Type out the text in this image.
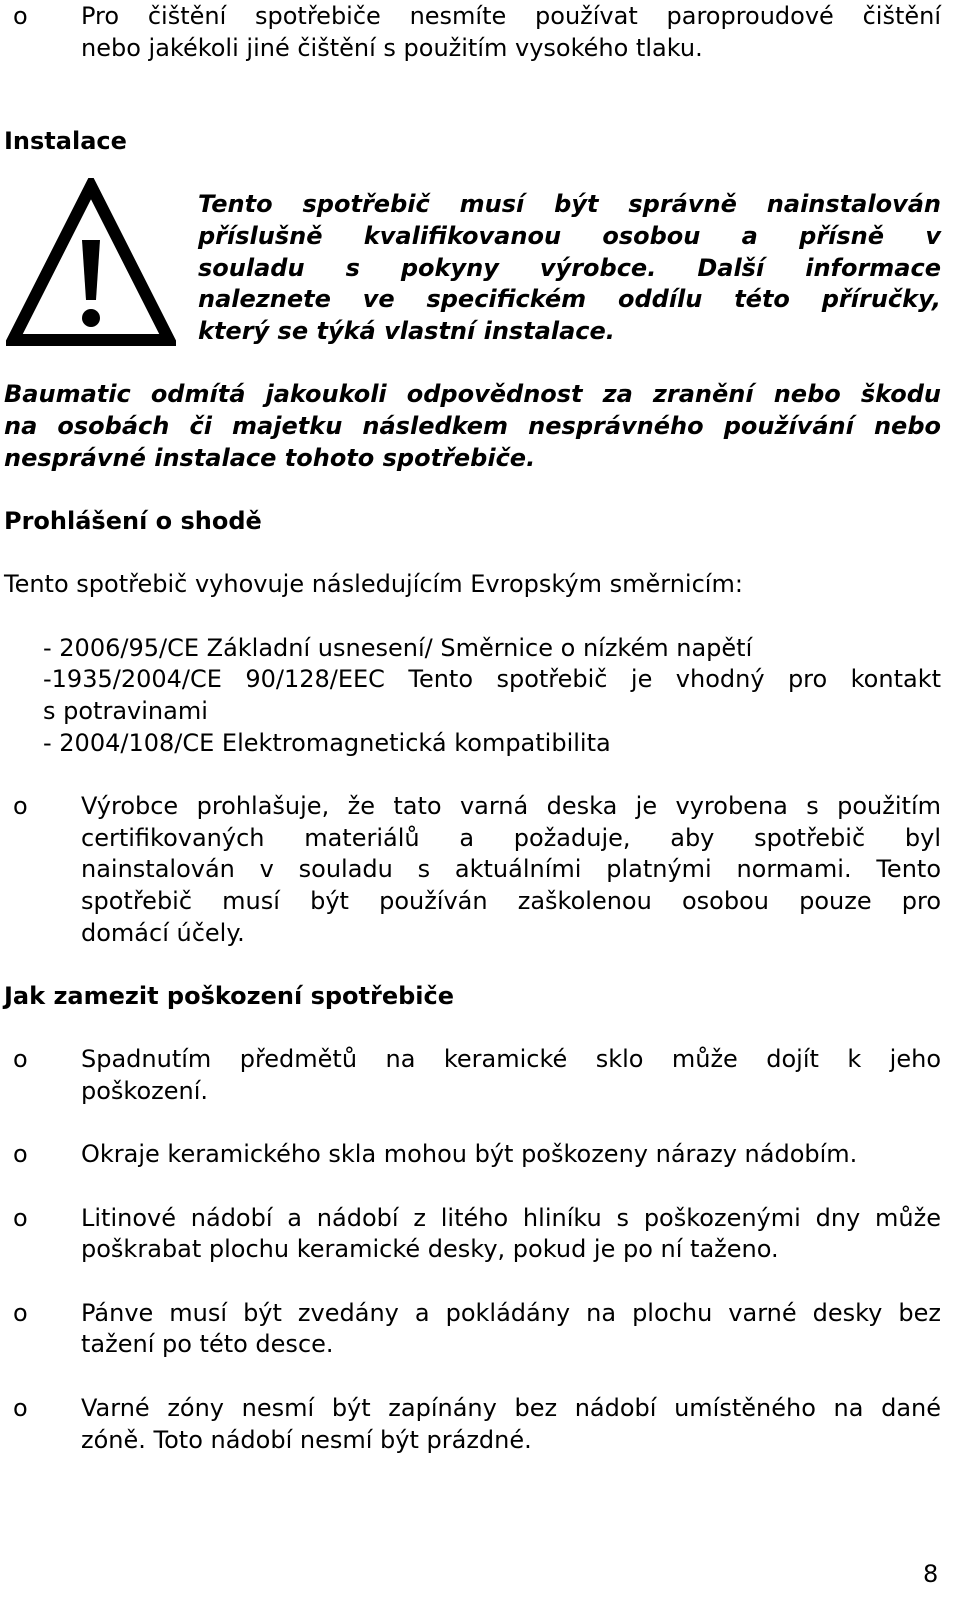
o Pro čištění spotřebiče nesmíte používat paroproudové čištění
nebo jakékoli jiné čištění s použitím vysokého tlaku.
Instalace
Tento spotřebič musí být správně nainstalován
příslušně kvalifikovanou osobou a přísně v
souladu s pokyny výrobce. Další informace
naleznete ve specifickém oddílu této příručky,
který se týká vlastní instalace.
Baumatic odmítá jakoukoli odpovědnost za zranění nebo škodu
na osobách či majetku následkem nesprávného používání nebo
nesprávné instalace tohoto spotřebiče.
Prohlášení o shodě
Tento spotřebič vyhovuje následujícím Evropským směrnicím:
- 2006/95/CE Základní usnesení/ Směrnice o nízkém napětí
-1935/2004/CE 90/128/EEC Tento spotřebič je vhodný pro kontakt
s potravinami
- 2004/108/CE Elektromagnetická kompatibilita
o Výrobce prohlašuje, že tato varná deska je vyrobena s použitím
certifikovaných materiálů a požaduje, aby spotřebič byl
nainstalován v souladu s aktuálními platnými normami. Tento
spotřebič musí být používán zaškolenou osobou pouze pro
domácí účely.
Jak zamezit poškození spotřebiče
o Spadnutím předmětů na keramické sklo může dojít k jeho
poškození.
o Okraje keramického skla mohou být poškozeny nárazy nádobím.
o Litinové nádobí a nádobí z litého hliníku s poškozenými dny může
poškrabat plochu keramické desky, pokud je po ní taženo.
o Pánve musí být zvedány a pokládány na plochu varné desky bez
tažení po této desce.
o Varné zóny nesmí být zapínány bez nádobí umístěného na dané
zóně. Toto nádobí nesmí být prázdné.
8
